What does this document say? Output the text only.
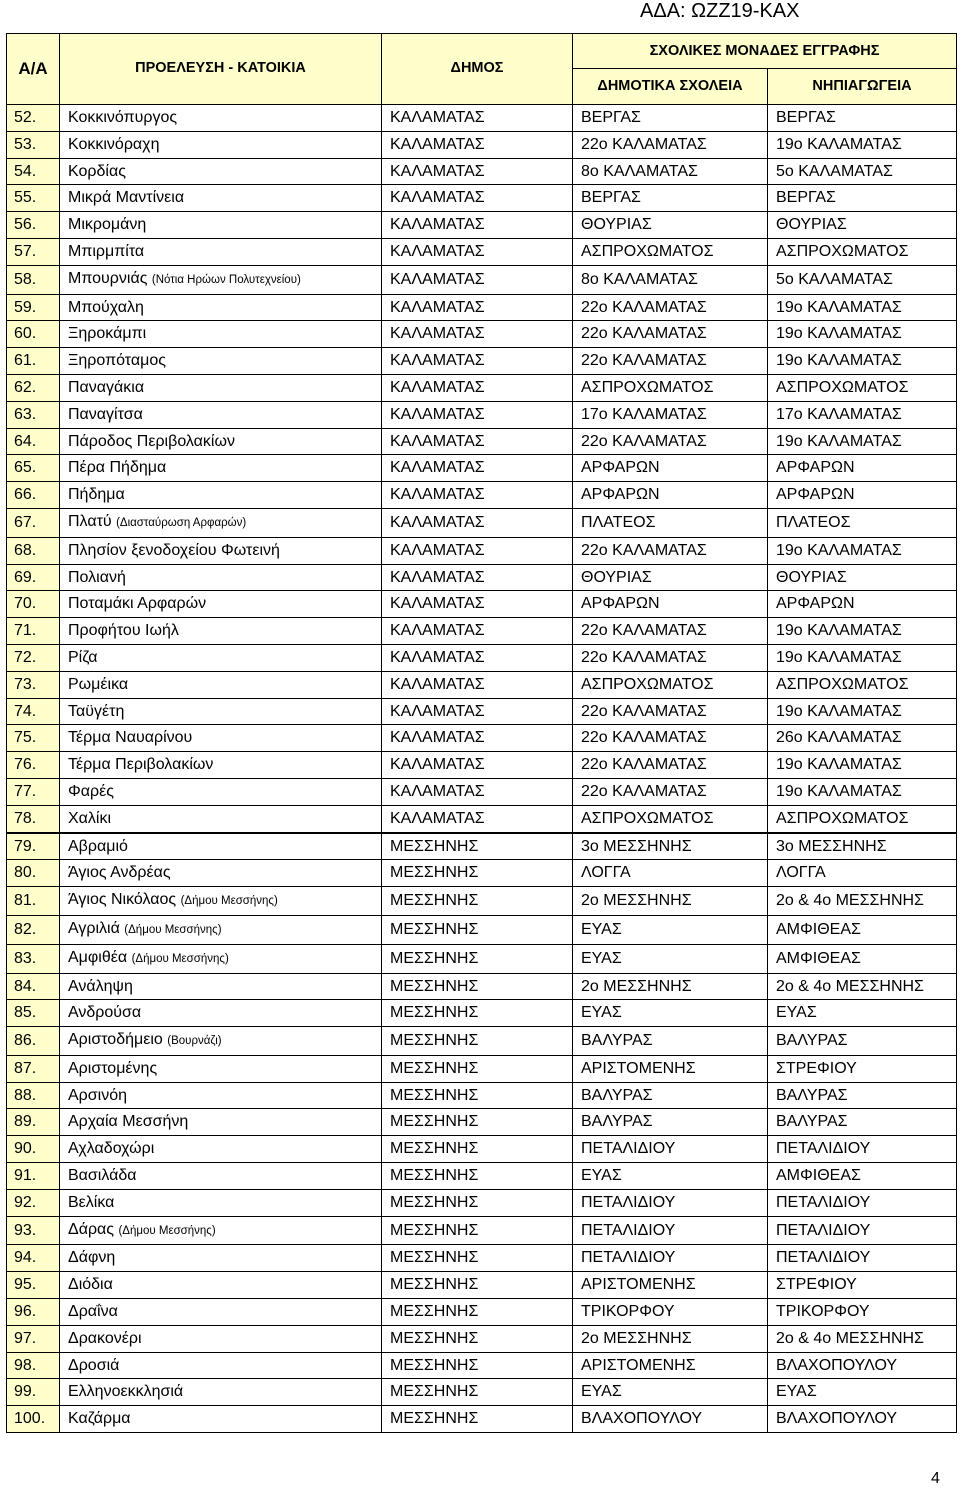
ΑΔΑ: ΩΖΖ19-ΚΑΧ
Α/Α	ΠΡΟΕΛΕΥΣΗ - ΚΑΤΟΙΚΙΑ	ΔΗΜΟΣ	ΣΧΟΛΙΚΕΣ ΜΟΝΑΔΕΣ ΕΓΓΡΑΦΗΣ	
			ΔΗΜΟΤΙΚΑ ΣΧΟΛΕΙΑ	ΝΗΠΙΑΓΩΓΕΙΑ
52.	Κοκκινόπυργος	ΚΑΛΑΜΑΤΑΣ	ΒΕΡΓΑΣ	ΒΕΡΓΑΣ
53.	Κοκκινόραχη	ΚΑΛΑΜΑΤΑΣ	22ο ΚΑΛΑΜΑΤΑΣ	19ο ΚΑΛΑΜΑΤΑΣ
54.	Κορδίας	ΚΑΛΑΜΑΤΑΣ	8ο ΚΑΛΑΜΑΤΑΣ	5ο ΚΑΛΑΜΑΤΑΣ
55.	Μικρά Μαντίνεια	ΚΑΛΑΜΑΤΑΣ	ΒΕΡΓΑΣ	ΒΕΡΓΑΣ
56.	Μικρομάνη	ΚΑΛΑΜΑΤΑΣ	ΘΟΥΡΙΑΣ	ΘΟΥΡΙΑΣ
57.	Μπιρμπίτα	ΚΑΛΑΜΑΤΑΣ	ΑΣΠΡΟΧΩΜΑΤΟΣ	ΑΣΠΡΟΧΩΜΑΤΟΣ
58.	Μπουρνιάς (Νότια Ηρώων Πολυτεχνείου)	ΚΑΛΑΜΑΤΑΣ	8ο ΚΑΛΑΜΑΤΑΣ	5ο ΚΑΛΑΜΑΤΑΣ
59.	Μπούχαλη	ΚΑΛΑΜΑΤΑΣ	22ο ΚΑΛΑΜΑΤΑΣ	19ο ΚΑΛΑΜΑΤΑΣ
60.	Ξηροκάμπι	ΚΑΛΑΜΑΤΑΣ	22ο ΚΑΛΑΜΑΤΑΣ	19ο ΚΑΛΑΜΑΤΑΣ
61.	Ξηροπόταμος	ΚΑΛΑΜΑΤΑΣ	22ο ΚΑΛΑΜΑΤΑΣ	19ο ΚΑΛΑΜΑΤΑΣ
62.	Παναγάκια	ΚΑΛΑΜΑΤΑΣ	ΑΣΠΡΟΧΩΜΑΤΟΣ	ΑΣΠΡΟΧΩΜΑΤΟΣ
63.	Παναγίτσα	ΚΑΛΑΜΑΤΑΣ	17ο ΚΑΛΑΜΑΤΑΣ	17ο ΚΑΛΑΜΑΤΑΣ
64.	Πάροδος Περιβολακίων	ΚΑΛΑΜΑΤΑΣ	22ο ΚΑΛΑΜΑΤΑΣ	19ο ΚΑΛΑΜΑΤΑΣ
65.	Πέρα Πήδημα	ΚΑΛΑΜΑΤΑΣ	ΑΡΦΑΡΩΝ	ΑΡΦΑΡΩΝ
66.	Πήδημα	ΚΑΛΑΜΑΤΑΣ	ΑΡΦΑΡΩΝ	ΑΡΦΑΡΩΝ
67.	Πλατύ (Διασταύρωση Αρφαρών)	ΚΑΛΑΜΑΤΑΣ	ΠΛΑΤΕΟΣ	ΠΛΑΤΕΟΣ
68.	Πλησίον ξενοδοχείου Φωτεινή	ΚΑΛΑΜΑΤΑΣ	22ο ΚΑΛΑΜΑΤΑΣ	19ο ΚΑΛΑΜΑΤΑΣ
69.	Πολιανή	ΚΑΛΑΜΑΤΑΣ	ΘΟΥΡΙΑΣ	ΘΟΥΡΙΑΣ
70.	Ποταμάκι Αρφαρών	ΚΑΛΑΜΑΤΑΣ	ΑΡΦΑΡΩΝ	ΑΡΦΑΡΩΝ
71.	Προφήτου Ιωήλ	ΚΑΛΑΜΑΤΑΣ	22ο ΚΑΛΑΜΑΤΑΣ	19ο ΚΑΛΑΜΑΤΑΣ
72.	Ρίζα	ΚΑΛΑΜΑΤΑΣ	22ο ΚΑΛΑΜΑΤΑΣ	19ο ΚΑΛΑΜΑΤΑΣ
73.	Ρωμέικα	ΚΑΛΑΜΑΤΑΣ	ΑΣΠΡΟΧΩΜΑΤΟΣ	ΑΣΠΡΟΧΩΜΑΤΟΣ
74.	Ταϋγέτη	ΚΑΛΑΜΑΤΑΣ	22ο ΚΑΛΑΜΑΤΑΣ	19ο ΚΑΛΑΜΑΤΑΣ
75.	Τέρμα Ναυαρίνου	ΚΑΛΑΜΑΤΑΣ	22ο ΚΑΛΑΜΑΤΑΣ	26ο ΚΑΛΑΜΑΤΑΣ
76.	Τέρμα Περιβολακίων	ΚΑΛΑΜΑΤΑΣ	22ο ΚΑΛΑΜΑΤΑΣ	19ο ΚΑΛΑΜΑΤΑΣ
77.	Φαρές	ΚΑΛΑΜΑΤΑΣ	22ο ΚΑΛΑΜΑΤΑΣ	19ο ΚΑΛΑΜΑΤΑΣ
78.	Χαλίκι	ΚΑΛΑΜΑΤΑΣ	ΑΣΠΡΟΧΩΜΑΤΟΣ	ΑΣΠΡΟΧΩΜΑΤΟΣ
79.	Αβραμιό	ΜΕΣΣΗΝΗΣ	3ο ΜΕΣΣΗΝΗΣ	3ο ΜΕΣΣΗΝΗΣ
80.	Άγιος Ανδρέας	ΜΕΣΣΗΝΗΣ	ΛΟΓΓΑ	ΛΟΓΓΑ
81.	Άγιος Νικόλαος (Δήμου Μεσσήνης)	ΜΕΣΣΗΝΗΣ	2ο ΜΕΣΣΗΝΗΣ	2ο & 4ο ΜΕΣΣΗΝΗΣ
82.	Αγριλιά (Δήμου Μεσσήνης)	ΜΕΣΣΗΝΗΣ	ΕΥΑΣ	ΑΜΦΙΘΕΑΣ
83.	Αμφιθέα (Δήμου Μεσσήνης)	ΜΕΣΣΗΝΗΣ	ΕΥΑΣ	ΑΜΦΙΘΕΑΣ
84.	Ανάληψη	ΜΕΣΣΗΝΗΣ	2ο ΜΕΣΣΗΝΗΣ	2ο & 4ο ΜΕΣΣΗΝΗΣ
85.	Ανδρούσα	ΜΕΣΣΗΝΗΣ	ΕΥΑΣ	ΕΥΑΣ
86.	Αριστοδήμειο (Βουρνάζι)	ΜΕΣΣΗΝΗΣ	ΒΑΛΥΡΑΣ	ΒΑΛΥΡΑΣ
87.	Αριστομένης	ΜΕΣΣΗΝΗΣ	ΑΡΙΣΤΟΜΕΝΗΣ	ΣΤΡΕΦΙΟΥ
88.	Αρσινόη	ΜΕΣΣΗΝΗΣ	ΒΑΛΥΡΑΣ	ΒΑΛΥΡΑΣ
89.	Αρχαία Μεσσήνη	ΜΕΣΣΗΝΗΣ	ΒΑΛΥΡΑΣ	ΒΑΛΥΡΑΣ
90.	Αχλαδοχώρι	ΜΕΣΣΗΝΗΣ	ΠΕΤΑΛΙΔΙΟΥ	ΠΕΤΑΛΙΔΙΟΥ
91.	Βασιλάδα	ΜΕΣΣΗΝΗΣ	ΕΥΑΣ	ΑΜΦΙΘΕΑΣ
92.	Βελίκα	ΜΕΣΣΗΝΗΣ	ΠΕΤΑΛΙΔΙΟΥ	ΠΕΤΑΛΙΔΙΟΥ
93.	Δάρας (Δήμου Μεσσήνης)	ΜΕΣΣΗΝΗΣ	ΠΕΤΑΛΙΔΙΟΥ	ΠΕΤΑΛΙΔΙΟΥ
94.	Δάφνη	ΜΕΣΣΗΝΗΣ	ΠΕΤΑΛΙΔΙΟΥ	ΠΕΤΑΛΙΔΙΟΥ
95.	Διόδια	ΜΕΣΣΗΝΗΣ	ΑΡΙΣΤΟΜΕΝΗΣ	ΣΤΡΕΦΙΟΥ
96.	Δραΐνα	ΜΕΣΣΗΝΗΣ	ΤΡΙΚΟΡΦΟΥ	ΤΡΙΚΟΡΦΟΥ
97.	Δρακονέρι	ΜΕΣΣΗΝΗΣ	2ο ΜΕΣΣΗΝΗΣ	2ο & 4ο ΜΕΣΣΗΝΗΣ
98.	Δροσιά	ΜΕΣΣΗΝΗΣ	ΑΡΙΣΤΟΜΕΝΗΣ	ΒΛΑΧΟΠΟΥΛΟΥ
99.	Ελληνοεκκλησιά	ΜΕΣΣΗΝΗΣ	ΕΥΑΣ	ΕΥΑΣ
100.	Καζάρμα	ΜΕΣΣΗΝΗΣ	ΒΛΑΧΟΠΟΥΛΟΥ	ΒΛΑΧΟΠΟΥΛΟΥ
4
